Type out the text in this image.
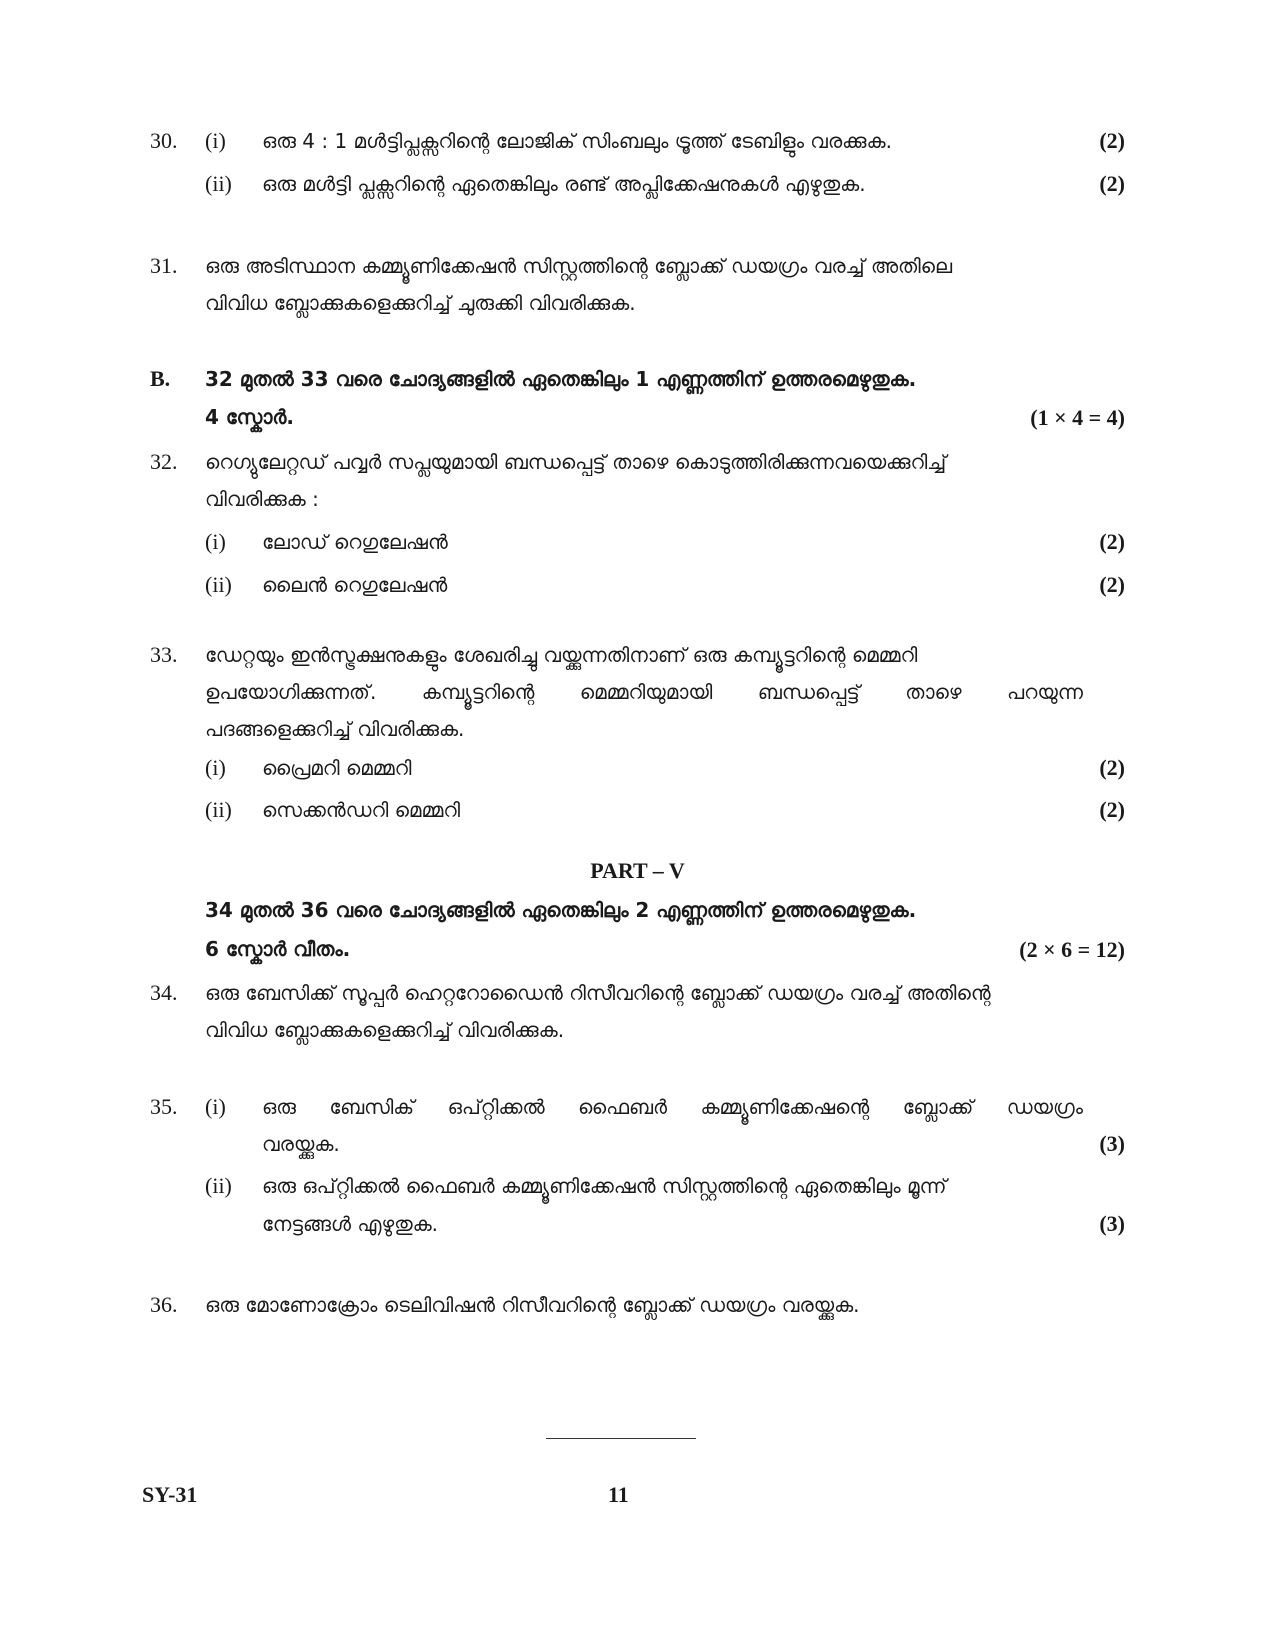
30. (i) ഒരു 4 : 1 മൾട്ടിപ്ലക്സറിന്റെ ലോജിക് സിംബലും ട്രൂത്ത് ടേബിളും വരക്കുക.	(2)
(ii) ഒരു മൾട്ടി പ്ലക്സറിന്റെ ഏതെങ്കിലും രണ്ട് അപ്ലിക്കേഷനുകൾ എഴുതുക.	(2)
31. ഒരു അടിസ്ഥാന കമ്മ്യൂണിക്കേഷൻ സിസ്റ്റത്തിന്റെ ബ്ലോക്ക് ഡയഗ്രം വരച്ച് അതിലെ
വിവിധ ബ്ലോക്കുകളെക്കുറിച്ച് ചുരുക്കി വിവരിക്കുക.
B. 32 മുതൽ 33 വരെ ചോദ്യങ്ങളിൽ ഏതെങ്കിലും 1 എണ്ണത്തിന് ഉത്തരമെഴുതുക.
4 സ്കോർ.	(1 × 4 = 4)
32. റെഗ്യുലേറ്റഡ് പവ്വർ സപ്ലയുമായി ബന്ധപ്പെട്ട് താഴെ കൊടുത്തിരിക്കുന്നവയെക്കുറിച്ച്
വിവരിക്കുക :
(i) ലോഡ് റെഗുലേഷൻ	(2)
(ii) ലൈൻ റെഗുലേഷൻ	(2)
33. ഡേറ്റയും ഇൻസ്ട്രക്ഷനുകളും ശേഖരിച്ചു വയ്ക്കുന്നതിനാണ് ഒരു കമ്പ്യൂട്ടറിന്റെ മെമ്മറി
ഉപയോഗിക്കുന്നത്. കമ്പ്യൂട്ടറിന്റെ മെമ്മറിയുമായി ബന്ധപ്പെട്ട് താഴെ പറയുന്ന
പദങ്ങളെക്കുറിച്ച് വിവരിക്കുക.
(i) പ്രൈമറി മെമ്മറി	(2)
(ii) സെക്കൻഡറി മെമ്മറി	(2)
PART – V
34 മുതൽ 36 വരെ ചോദ്യങ്ങളിൽ ഏതെങ്കിലും 2 എണ്ണത്തിന് ഉത്തരമെഴുതുക.
6 സ്കോർ വീതം.	(2 × 6 = 12)
34. ഒരു ബേസിക്ക് സൂപ്പർ ഹെറ്ററോഡൈൻ റിസീവറിന്റെ ബ്ലോക്ക് ഡയഗ്രം വരച്ച് അതിന്റെ
വിവിധ ബ്ലോക്കുകളെക്കുറിച്ച് വിവരിക്കുക.
35. (i) ഒരു ബേസിക് ഒപ്റ്റിക്കൽ ഫൈബർ കമ്മ്യൂണിക്കേഷന്റെ ബ്ലോക്ക് ഡയഗ്രം
വരയ്ക്കുക.	(3)
(ii) ഒരു ഒപ്റ്റിക്കൽ ഫൈബർ കമ്മ്യൂണിക്കേഷൻ സിസ്റ്റത്തിന്റെ ഏതെങ്കിലും മൂന്ന്
നേട്ടങ്ങൾ എഴുതുക.	(3)
36. ഒരു മോണോക്രോം ടെലിവിഷൻ റിസീവറിന്റെ ബ്ലോക്ക് ഡയഗ്രം വരയ്ക്കുക.
SY-31	11
